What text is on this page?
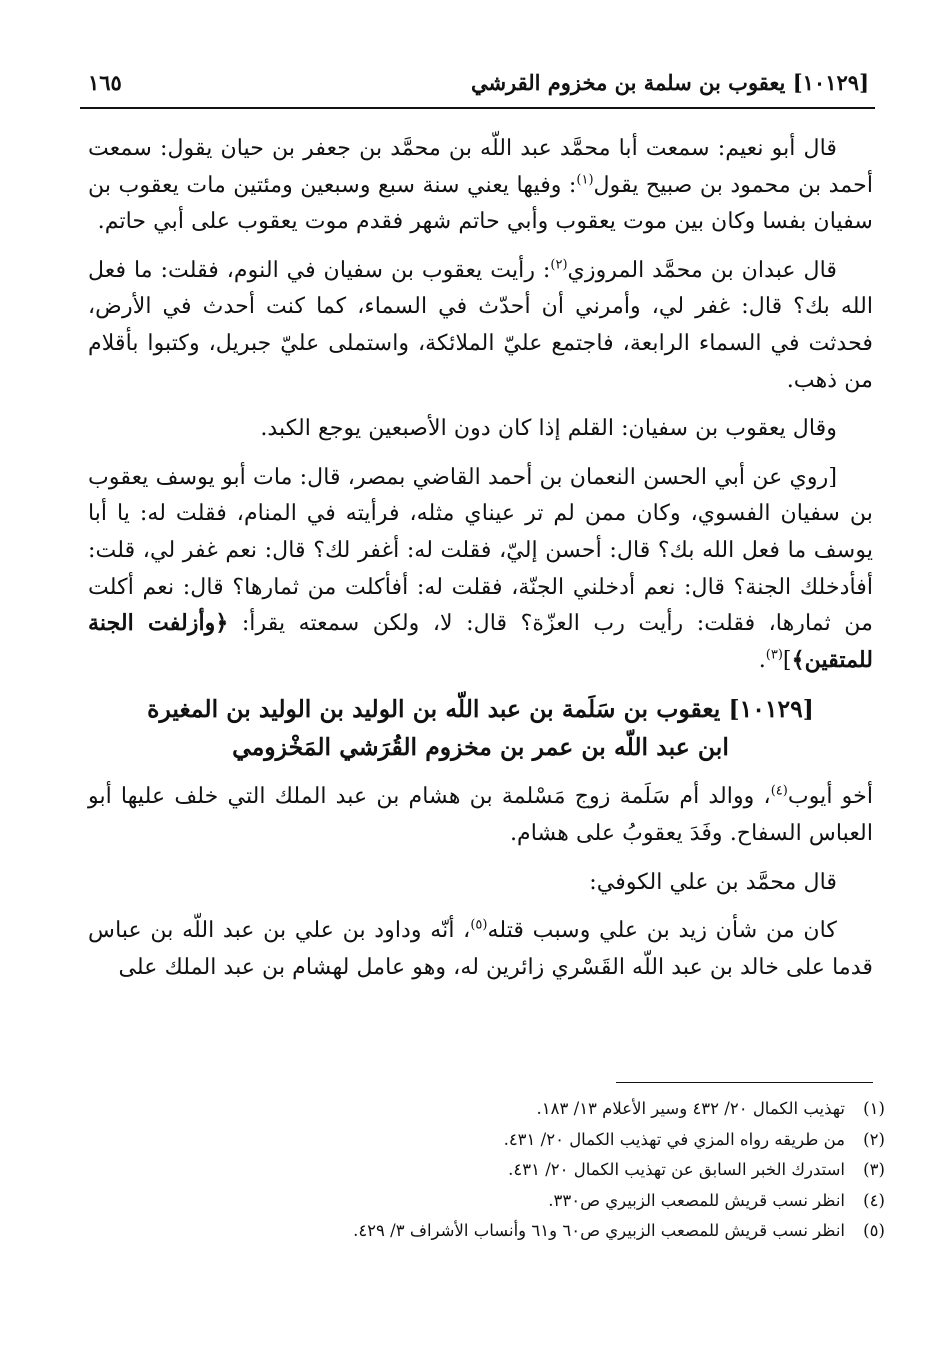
[١٠١٢٩] يعقوب بن سلمة بن مخزوم القرشي
١٦٥

قال أبو نعيم: سمعت أبا محمَّد عبد اللّه بن محمَّد بن جعفر بن حيان يقول: سمعت أحمد بن محمود بن صبيح يقول$^{(١)}$: وفيها يعني سنة سبع وسبعين ومئتين مات يعقوب بن سفيان بفسا وكان بين موت يعقوب وأبي حاتم شهر فقدم موت يعقوب على أبي حاتم.

قال عبدان بن محمَّد المروزي$^{(٢)}$: رأيت يعقوب بن سفيان في النوم، فقلت: ما فعل الله بك؟ قال: غفر لي، وأمرني أن أحدّث في السماء، كما كنت أحدث في الأرض، فحدثت في السماء الرابعة، فاجتمع عليّ الملائكة، واستملى عليّ جبريل، وكتبوا بأقلام من ذهب.

وقال يعقوب بن سفيان: القلم إذا كان دون الأصبعين يوجع الكبد.

[روي عن أبي الحسن النعمان بن أحمد القاضي بمصر، قال: مات أبو يوسف يعقوب بن سفيان الفسوي، وكان ممن لم تر عيناي مثله، فرأيته في المنام، فقلت له: يا أبا يوسف ما فعل الله بك؟ قال: أحسن إليّ، فقلت له: أغفر لك؟ قال: نعم غفر لي، قلت: أفأدخلك الجنة؟ قال: نعم أدخلني الجنّة، فقلت له: أفأكلت من ثمارها؟ قال: نعم أكلت من ثمارها، فقلت: رأيت رب العزّة؟ قال: لا، ولكن سمعته يقرأ: ﴿وأزلفت الجنة للمتقين﴾]$^{(٣)}$.

[١٠١٢٩] يعقوب بن سَلَمة بن عبد اللّه بن الوليد بن الوليد بن المغيرة
ابن عبد اللّه بن عمر بن مخزوم القُرَشي المَخْزومي

أخو أيوب$^{(٤)}$، ووالد أم سَلَمة زوج مَسْلمة بن هشام بن عبد الملك التي خلف عليها أبو العباس السفاح. وفَدَ يعقوبُ على هشام.

قال محمَّد بن علي الكوفي:

كان من شأن زيد بن علي وسبب قتله$^{(٥)}$، أنّه وداود بن علي بن عبد اللّه بن عباس قدما على خالد بن عبد اللّه القَسْري زائرين له، وهو عامل لهشام بن عبد الملك على

(١)
تهذيب الكمال ٢٠/ ٤٣٢ وسير الأعلام ١٣/ ١٨٣.
(٢)
من طريقه رواه المزي في تهذيب الكمال ٢٠/ ٤٣١.
(٣)
استدرك الخبر السابق عن تهذيب الكمال ٢٠/ ٤٣١.
(٤)
انظر نسب قريش للمصعب الزبيري ص٣٣٠.
(٥)
انظر نسب قريش للمصعب الزبيري ص٦٠ و٦١ وأنساب الأشراف ٣/ ٤٢٩.
